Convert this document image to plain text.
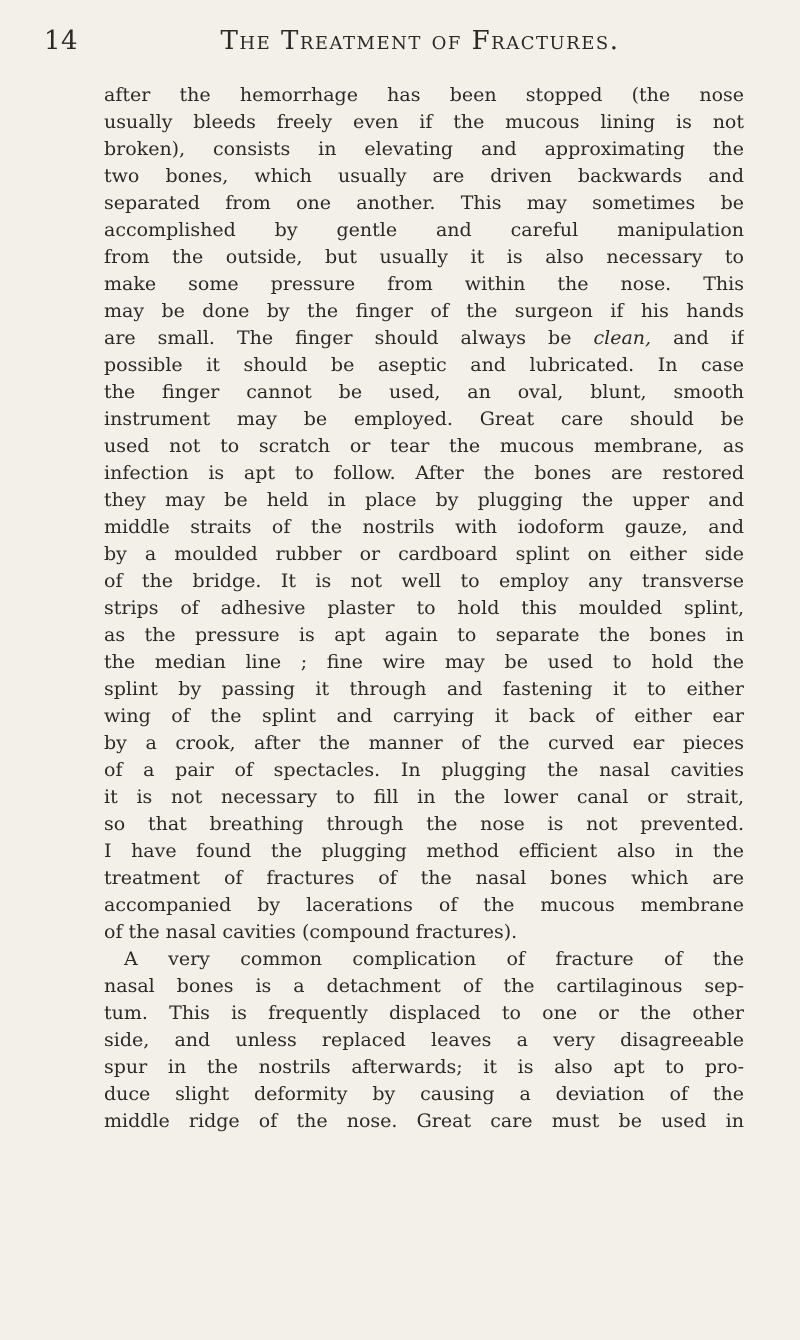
14	The Treatment of Fractures.
after the hemorrhage has been stopped (the nose
usually bleeds freely even if the mucous lining is not
broken), consists in elevating and approximating the
two bones, which usually are driven backwards and
separated from one another. This may sometimes be
accomplished by gentle and careful manipulation
from the outside, but usually it is also necessary to
make some pressure from within the nose. This
may be done by the finger of the surgeon if his hands
are small. The finger should always be clean, and if
possible it should be aseptic and lubricated. In case
the finger cannot be used, an oval, blunt, smooth
instrument may be employed. Great care should be
used not to scratch or tear the mucous membrane, as
infection is apt to follow. After the bones are restored
they may be held in place by plugging the upper and
middle straits of the nostrils with iodoform gauze, and
by a moulded rubber or cardboard splint on either side
of the bridge. It is not well to employ any transverse
strips of adhesive plaster to hold this moulded splint,
as the pressure is apt again to separate the bones in
the median line ; fine wire may be used to hold the
splint by passing it through and fastening it to either
wing of the splint and carrying it back of either ear
by a crook, after the manner of the curved ear pieces
of a pair of spectacles. In plugging the nasal cavities
it is not necessary to fill in the lower canal or strait,
so that breathing through the nose is not prevented.
I have found the plugging method efficient also in the
treatment of fractures of the nasal bones which are
accompanied by lacerations of the mucous membrane
of the nasal cavities (compound fractures).
A very common complication of fracture of the
nasal bones is a detachment of the cartilaginous sep-
tum. This is frequently displaced to one or the other
side, and unless replaced leaves a very disagreeable
spur in the nostrils afterwards; it is also apt to pro-
duce slight deformity by causing a deviation of the
middle ridge of the nose. Great care must be used in
